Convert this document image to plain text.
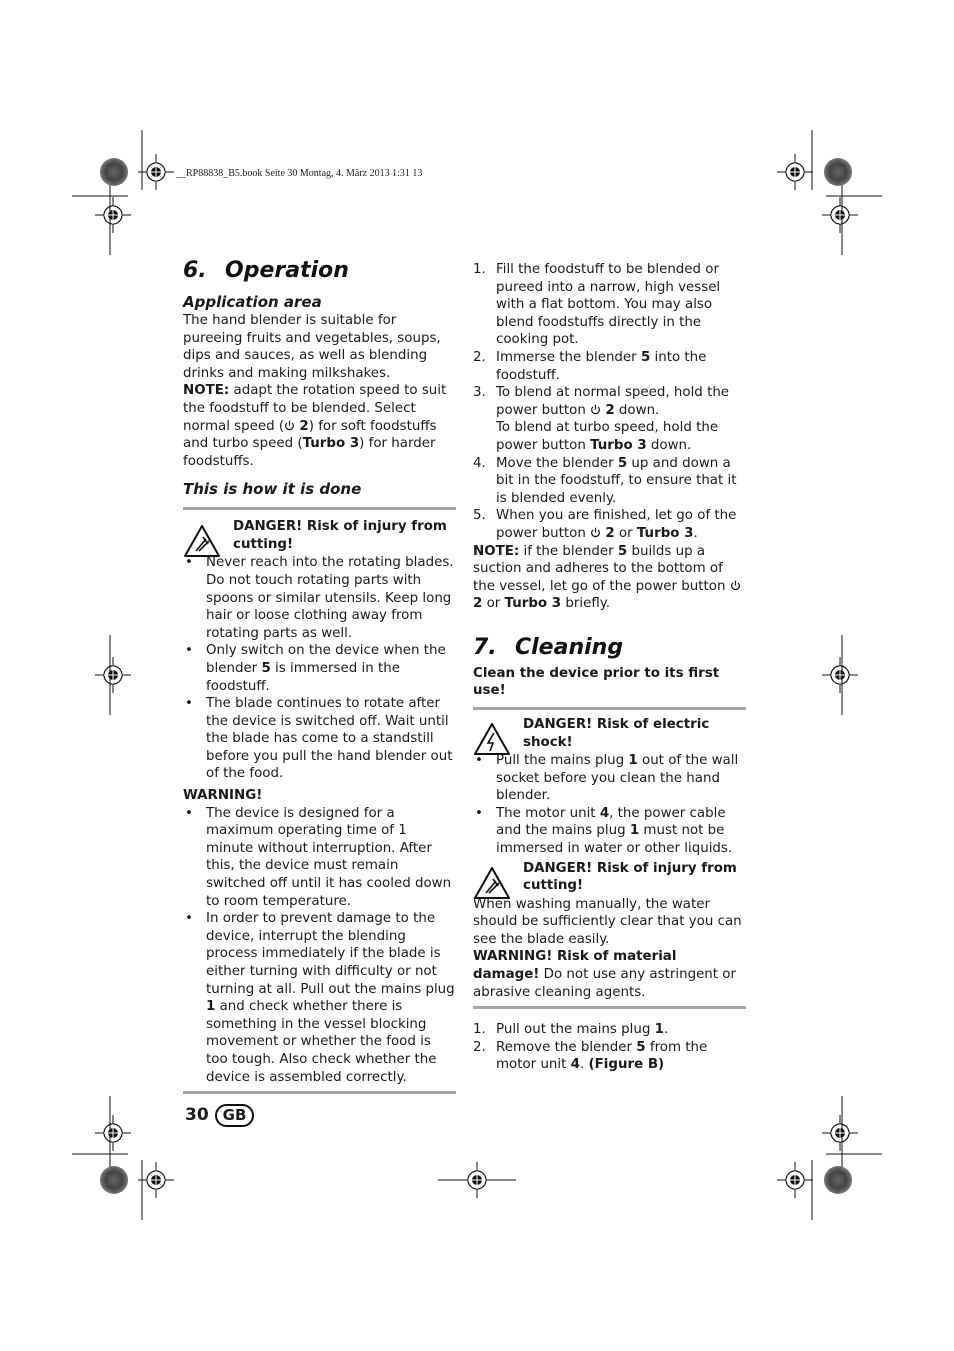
__RP88838_B5.book Seite 30 Montag, 4. März 2013 1:31 13
6. Operation
Application area

The hand blender is suitable for pureeing fruits and vegetables, soups, dips and sauces, as well as blending drinks and making milkshakes.

NOTE: adapt the rotation speed to suit the foodstuff to be blended. Select normal speed ( 2) for soft foodstuffs and turbo speed (Turbo 3) for harder foodstuffs.

This is how it is done
DANGER! Risk of injury from cutting!
• Never reach into the rotating blades. Do not touch rotating parts with spoons or similar utensils. Keep long hair or loose clothing away from rotating parts as well.
• Only switch on the device when the blender 5 is immersed in the foodstuff.
• The blade continues to rotate after the device is switched off. Wait until the blade has come to a standstill before you pull the hand blender out of the food.

WARNING!

• The device is designed for a maximum operating time of 1 minute without interruption. After this, the device must remain switched off until it has cooled down to room temperature.
• In order to prevent damage to the device, interrupt the blending process immediately if the blade is either turning with difficulty or not turning at all. Pull out the mains plug 1 and check whether there is something in the vessel blocking movement or whether the food is too tough. Also check whether the device is assembled correctly.
1. Fill the foodstuff to be blended or pureed into a narrow, high vessel with a flat bottom. You may also blend foodstuffs directly in the cooking pot.
2. Immerse the blender 5 into the foodstuff.
3. To blend at normal speed, hold the power button  2 down.
To blend at turbo speed, hold the power button Turbo 3 down.
4. Move the blender 5 up and down a bit in the foodstuff, to ensure that it is blended evenly.
5. When you are finished, let go of the power button  2 or Turbo 3.

NOTE: if the blender 5 builds up a suction and adheres to the bottom of the vessel, let go of the power button  2 or Turbo 3 briefly.

7. Cleaning

Clean the device prior to its first use!

DANGER! Risk of electric shock!
• Pull the mains plug 1 out of the wall socket before you clean the hand blender.
• The motor unit 4, the power cable and the mains plug 1 must not be immersed in water or other liquids.
DANGER! Risk of injury from cutting!

When washing manually, the water should be sufficiently clear that you can see the blade easily.

WARNING! Risk of material damage! Do not use any astringent or abrasive cleaning agents.

1. Pull out the mains plug 1.
2. Remove the blender 5 from the motor unit 4. (Figure B)
30 GB
